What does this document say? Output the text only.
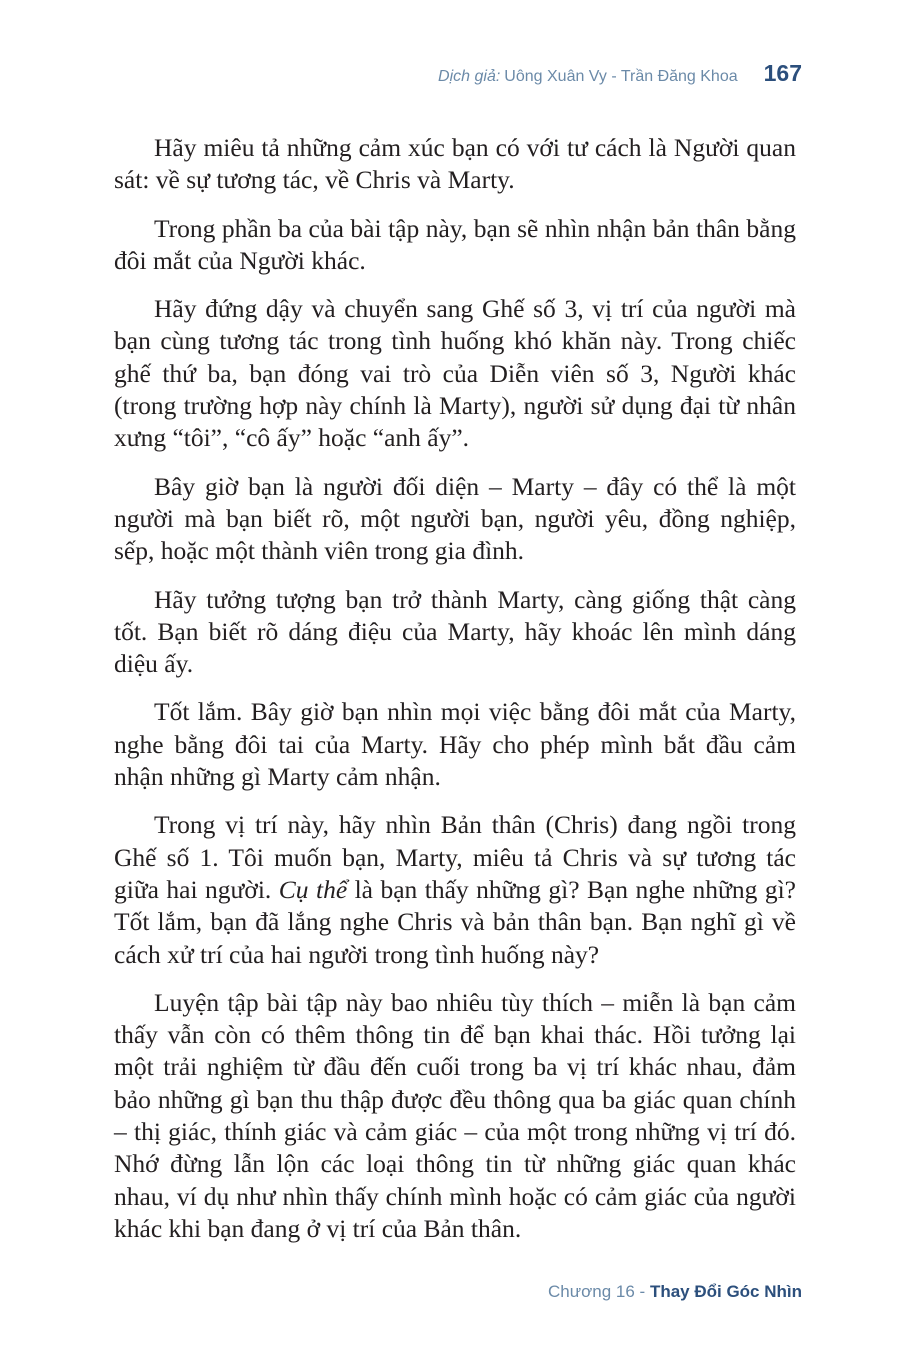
Dịch giả: Uông Xuân Vy - Trần Đăng Khoa 167

Hãy miêu tả những cảm xúc bạn có với tư cách là Người quan sát: về sự tương tác, về Chris và Marty.

Trong phần ba của bài tập này, bạn sẽ nhìn nhận bản thân bằng đôi mắt của Người khác.

Hãy đứng dậy và chuyển sang Ghế số 3, vị trí của người mà bạn cùng tương tác trong tình huống khó khăn này. Trong chiếc ghế thứ ba, bạn đóng vai trò của Diễn viên số 3, Người khác (trong trường hợp này chính là Marty), người sử dụng đại từ nhân xưng “tôi”, “cô ấy” hoặc “anh ấy”.

Bây giờ bạn là người đối diện – Marty – đây có thể là một người mà bạn biết rõ, một người bạn, người yêu, đồng nghiệp, sếp, hoặc một thành viên trong gia đình.

Hãy tưởng tượng bạn trở thành Marty, càng giống thật càng tốt. Bạn biết rõ dáng điệu của Marty, hãy khoác lên mình dáng diệu ấy.

Tốt lắm. Bây giờ bạn nhìn mọi việc bằng đôi mắt của Marty, nghe bằng đôi tai của Marty. Hãy cho phép mình bắt đầu cảm nhận những gì Marty cảm nhận.

Trong vị trí này, hãy nhìn Bản thân (Chris) đang ngồi trong Ghế số 1. Tôi muốn bạn, Marty, miêu tả Chris và sự tương tác giữa hai người. Cụ thể là bạn thấy những gì? Bạn nghe những gì? Tốt lắm, bạn đã lắng nghe Chris và bản thân bạn. Bạn nghĩ gì về cách xử trí của hai người trong tình huống này?

Luyện tập bài tập này bao nhiêu tùy thích – miễn là bạn cảm thấy vẫn còn có thêm thông tin để bạn khai thác. Hồi tưởng lại một trải nghiệm từ đầu đến cuối trong ba vị trí khác nhau, đảm bảo những gì bạn thu thập được đều thông qua ba giác quan chính – thị giác, thính giác và cảm giác – của một trong những vị trí đó. Nhớ đừng lẫn lộn các loại thông tin từ những giác quan khác nhau, ví dụ như nhìn thấy chính mình hoặc có cảm giác của người khác khi bạn đang ở vị trí của Bản thân.

Chương 16 - Thay Đổi Góc Nhìn
